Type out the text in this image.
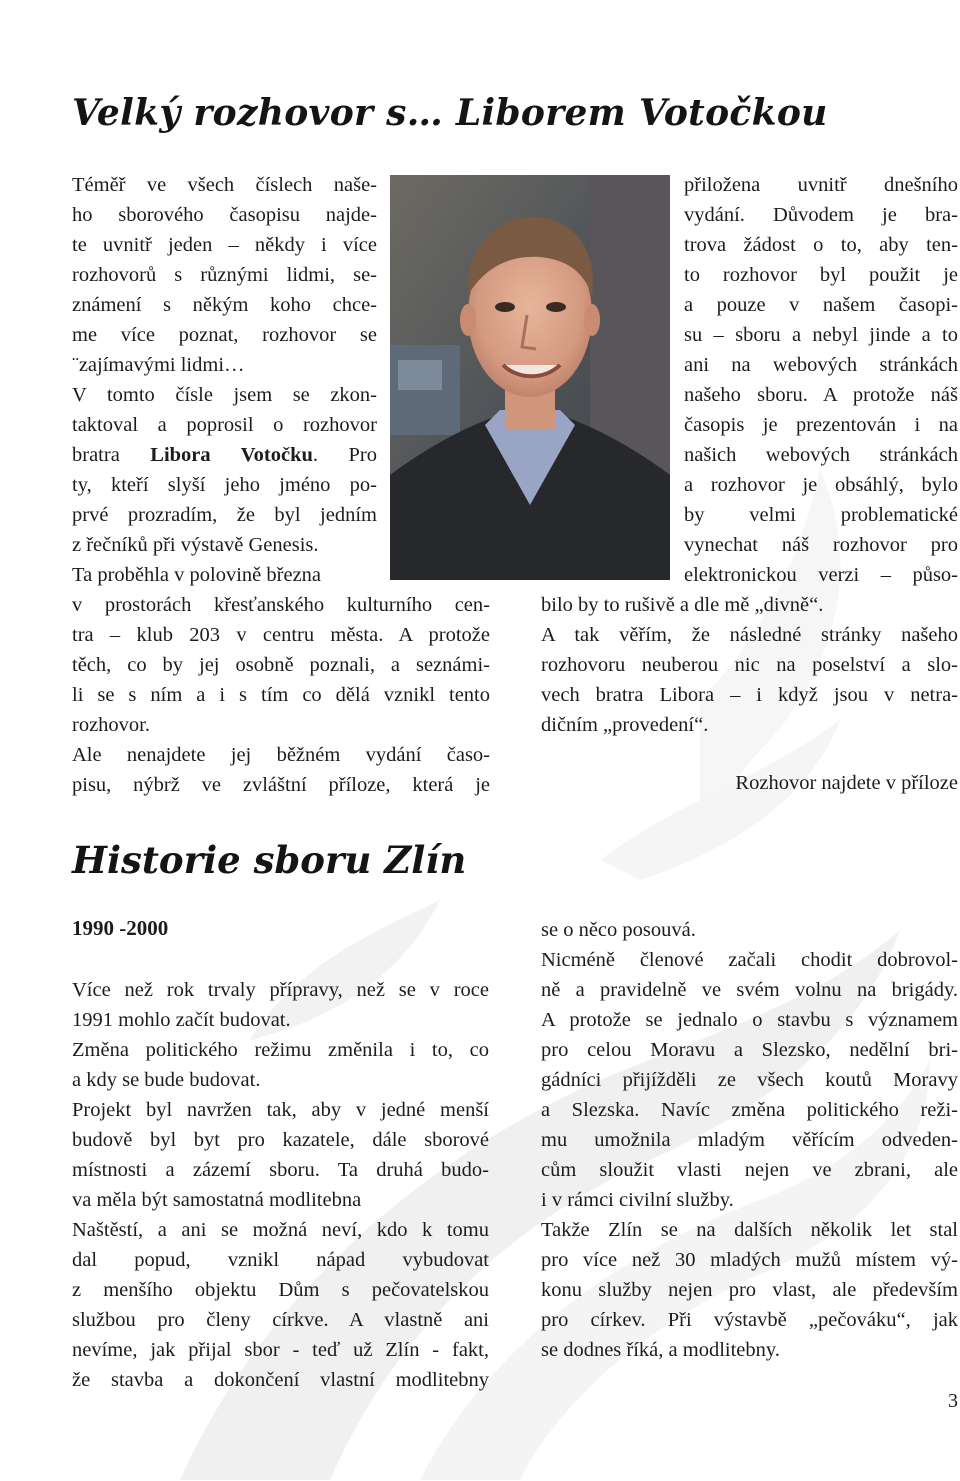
Velký rozhovor s… Liborem Votočkou

Téměř ve všech číslech naše-

ho sborového časopisu najde-

te uvnitř jeden – někdy i více

rozhovorů s různými lidmi, se-

známení s někým koho chce-

me více poznat, rozhovor se

¨zajímavými lidmi…

V tomto čísle jsem se zkon-

taktoval a poprosil o rozhovor

bratra Libora Votočku. Pro

ty, kteří slyší jeho jméno po-

prvé prozradím, že byl jedním

z řečníků při výstavě Genesis.

Ta proběhla v polovině března

v prostorách křesťanského kulturního cen-

tra – klub 203 v centru města. A protože

těch, co by jej osobně poznali, a seznámi-

li se s ním a i s tím co dělá vznikl tento

rozhovor.

Ale nenajdete jej běžném vydání časo-

pisu, nýbrž ve zvláštní příloze, která je

přiložena uvnitř dnešního

vydání. Důvodem je bra-

trova žádost o to, aby ten-

to rozhovor byl použit je

a pouze v našem časopi-

su – sboru a nebyl jinde a to

ani na webových stránkách

našeho sboru. A protože náš

časopis je prezentován i na

našich webových stránkách

a rozhovor je obsáhlý, bylo

by velmi problematické

vynechat náš rozhovor pro

elektronickou verzi – půso-

bilo by to rušivě a dle mě „divně“.

A tak věřím, že následné stránky našeho

rozhovoru neuberou nic na poselství a slo-

vech bratra Libora – i když jsou v netra-

dičním „provedení“.

Rozhovor najdete v příloze
Historie sboru Zlín
1990 -2000

Více než rok trvaly přípravy, než se v roce

1991 mohlo začít budovat.

Změna politického režimu změnila i to, co

a kdy se bude budovat.

Projekt byl navržen tak, aby v jedné menší

budově byl byt pro kazatele, dále sborové

místnosti a zázemí sboru. Ta druhá budo-

va měla být samostatná modlitebna

Naštěstí, a ani se možná neví, kdo k tomu

dal popud, vznikl nápad vybudovat

z menšího objektu Dům s pečovatelskou

službou pro členy církve. A vlastně ani

nevíme, jak přijal sbor - teď už Zlín - fakt,

že stavba a dokončení vlastní modlitebny

se o něco posouvá.

Nicméně členové začali chodit dobrovol-

ně a pravidelně ve svém volnu na brigády.

A protože se jednalo o stavbu s významem

pro celou Moravu a Slezsko, nedělní bri-

gádníci přijížděli ze všech koutů Moravy

a Slezska. Navíc změna politického reži-

mu umožnila mladým věřícím odveden-

cům sloužit vlasti nejen ve zbrani, ale

i v rámci civilní služby.

Takže Zlín se na dalších několik let stal

pro více než 30 mladých mužů místem vý-

konu služby nejen pro vlast, ale především

pro církev. Při výstavbě „pečováku“, jak

se dodnes říká, a modlitebny.

3
